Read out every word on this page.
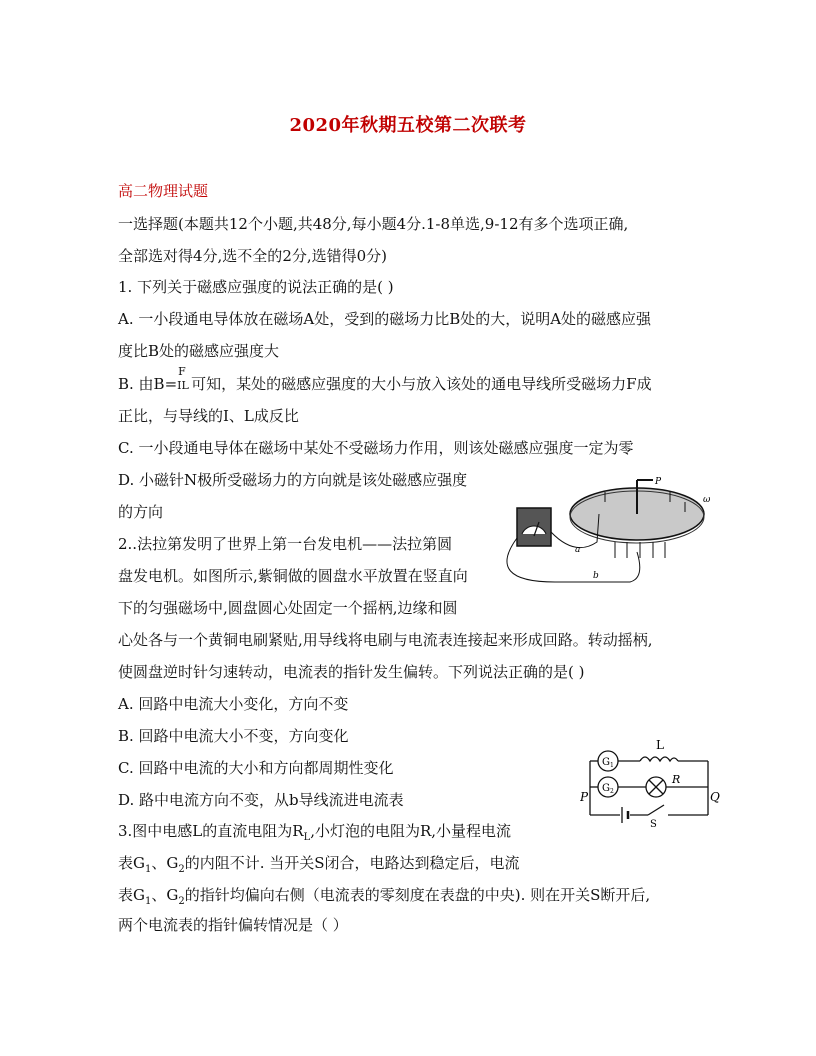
2020年秋期五校第二次联考
高二物理试题
一选择题(本题共12个小题,共48分,每小题4分.1-8单选,9-12有多个选项正确,
全部选对得4分,选不全的2分,选错得0分)
1. 下列关于磁感应强度的说法正确的是( )
A. 一小段通电导体放在磁场A处，受到的磁场力比B处的大，说明A处的磁感应强
度比B处的磁感应强度大
B. 由B=
F
IL 可知，某处的磁感应强度的大小与放入该处的通电导线所受磁场力F成
正比，与导线的I、L成反比
C. 一小段通电导体在磁场中某处不受磁场力作用，则该处磁感应强度一定为零
D. 小磁针N极所受磁场力的方向就是该处磁感应强度
的方向
2..法拉第发明了世界上第一台发电机——法拉第圆
盘发电机。如图所示,紫铜做的圆盘水平放置在竖直向
下的匀强磁场中,圆盘圆心处固定一个摇柄,边缘和圆
心处各与一个黄铜电刷紧贴,用导线将电刷与电流表连接起来形成回路。转动摇柄,
使圆盘逆时针匀速转动，电流表的指针发生偏转。下列说法正确的是( )
A. 回路中电流大小变化，方向不变
B. 回路中电流大小不变，方向变化
C. 回路中电流的大小和方向都周期性变化
D. 路中电流方向不变，从b导线流进电流表
3.图中电感L的直流电阻为$R_L$,小灯泡的电阻为R,小量程电流
表$G_1$、$G_2$的内阻不计. 当开关S闭合，电路达到稳定后，电流
表$G_1$、$G_2$的指针均偏向右侧（电流表的零刻度在表盘的中央). 则在开关S断开后,
两个电流表的指针偏转情况是（ ）
P
ω
a
b
$G_1$
$G_2$
L
R
P	Q
S
